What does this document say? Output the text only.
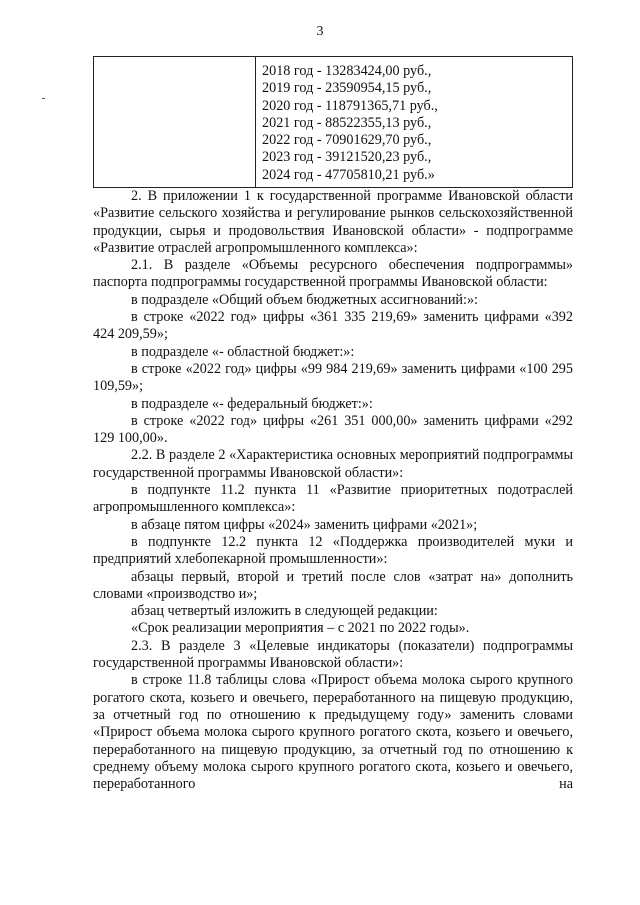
3

2018 год - 13283424,00 руб.,
2019 год - 23590954,15 руб.,
2020 год - 118791365,71 руб.,
2021 год - 88522355,13 руб.,
2022 год - 70901629,70 руб.,
2023 год - 39121520,23 руб.,
2024 год - 47705810,21 руб.»

2. В приложении 1 к государственной программе Ивановской области «Развитие сельского хозяйства и регулирование рынков сельскохозяйственной продукции, сырья и продовольствия Ивановской области» - подпрограмме «Развитие отраслей агропромышленного комплекса»:

2.1. В разделе «Объемы ресурсного обеспечения подпрограммы» паспорта подпрограммы государственной программы Ивановской области:

в подразделе «Общий объем бюджетных ассигнований:»:

в строке «2022 год» цифры «361 335 219,69» заменить цифрами «392 424 209,59»;

в подразделе «- областной бюджет:»:

в строке «2022 год» цифры «99 984 219,69» заменить цифрами «100 295 109,59»;

в подразделе «- федеральный бюджет:»:

в строке «2022 год» цифры «261 351 000,00» заменить цифрами «292 129 100,00».

2.2. В разделе 2 «Характеристика основных мероприятий подпрограммы государственной программы Ивановской области»:

в подпункте 11.2 пункта 11 «Развитие приоритетных подотраслей агропромышленного комплекса»:

в абзаце пятом цифры «2024» заменить цифрами «2021»;

в подпункте 12.2 пункта 12 «Поддержка производителей муки и предприятий хлебопекарной промышленности»:

абзацы первый, второй и третий после слов «затрат на» дополнить словами «производство и»;

абзац четвертый изложить в следующей редакции:

«Срок реализации мероприятия – с 2021 по 2022 годы».

2.3. В разделе 3 «Целевые индикаторы (показатели) подпрограммы государственной программы Ивановской области»:

в строке 11.8 таблицы слова «Прирост объема молока сырого крупного рогатого скота, козьего и овечьего, переработанного на пищевую продукцию, за отчетный год по отношению к предыдущему году» заменить словами «Прирост объема молока сырого крупного рогатого скота, козьего и овечьего, переработанного на пищевую продукцию, за отчетный год по отношению к среднему объему молока сырого крупного рогатого скота, козьего и овечьего, переработанного на
